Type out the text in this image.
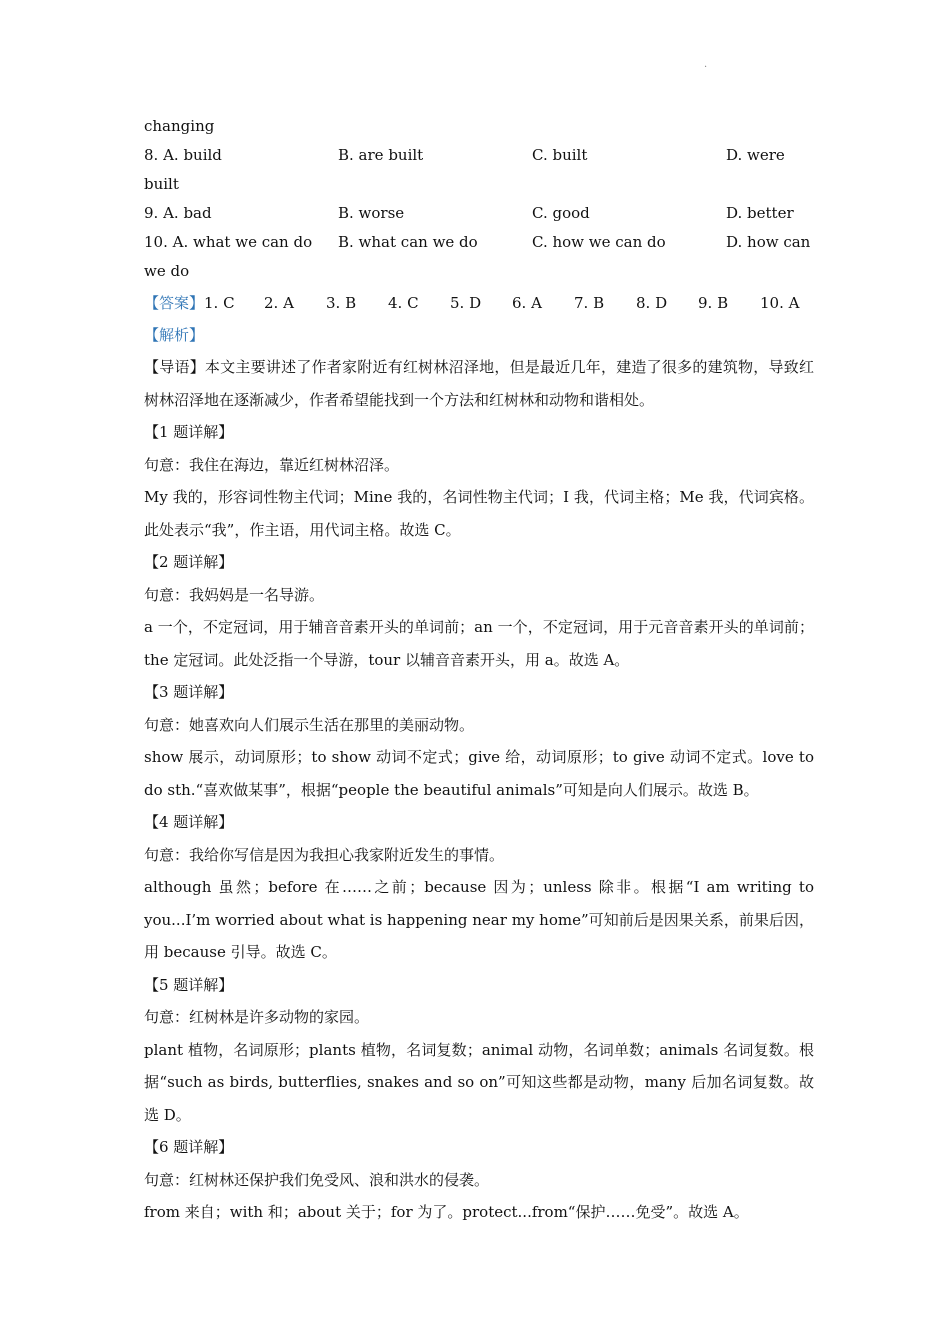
·
changing
8. A. build	B. are built	C. built	D. were
built
9. A. bad	B. worse	C. good	D. better
10. A. what we can do	B. what can we do	C. how we can do	D. how can
we do
【答案】 1. C	2. A	3. B	4. C	5. D	6. A	7. B	8. D	9. B	10. A
【解析】
【导语】本文主要讲述了作者家附近有红树林沼泽地，但是最近几年，建造了很多的建筑物，导致红树林沼泽地在逐渐减少，作者希望能找到一个方法和红树林和动物和谐相处。
【1 题详解】
句意：我住在海边，靠近红树林沼泽。
My 我的，形容词性物主代词；Mine 我的，名词性物主代词；I 我，代词主格；Me 我，代词宾格。此处表示“我”，作主语，用代词主格。故选 C。
【2 题详解】
句意：我妈妈是一名导游。
a 一个，不定冠词，用于辅音音素开头的单词前；an 一个，不定冠词，用于元音音素开头的单词前；the 定冠词。此处泛指一个导游，tour 以辅音音素开头，用 a。故选 A。
【3 题详解】
句意：她喜欢向人们展示生活在那里的美丽动物。
show 展示，动词原形；to show 动词不定式；give 给，动词原形；to give 动词不定式。love to do sth.“喜欢做某事”，根据“people the beautiful animals”可知是向人们展示。故选 B。
【4 题详解】
句意：我给你写信是因为我担心我家附近发生的事情。
although 虽然；before 在……之前；because 因为；unless 除非。根据“I am writing to you...I’m worried about what is happening near my home”可知前后是因果关系，前果后因，用 because 引导。故选 C。
【5 题详解】
句意：红树林是许多动物的家园。
plant 植物，名词原形；plants 植物，名词复数；animal 动物，名词单数；animals 名词复数。根据“such as birds, butterflies, snakes and so on”可知这些都是动物，many 后加名词复数。故选 D。
【6 题详解】
句意：红树林还保护我们免受风、浪和洪水的侵袭。
from 来自；with 和；about 关于；for 为了。protect...from“保护……免受”。故选 A。
